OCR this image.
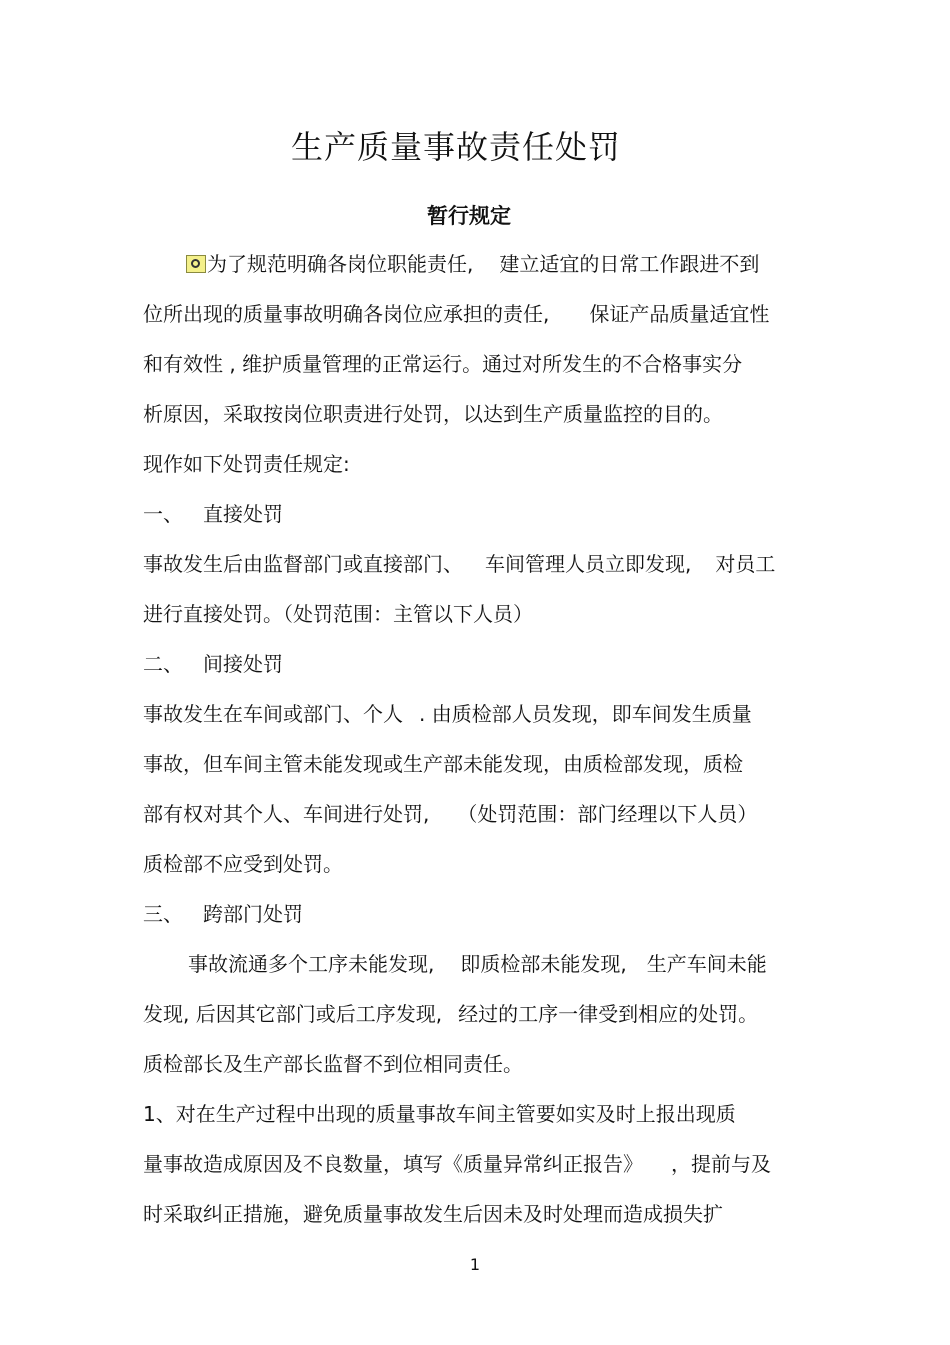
生产质量事故责任处罚
暂行规定

为了规范明确各岗位职能责任, 建立适宜的日常工作跟进不到

位所出现的质量事故明确各岗位应承担的责任, 保证产品质量适宜性

和有效性 , 维护质量管理的正常运行。通过对所发生的不合格事实分

析原因，采取按岗位职责进行处罚，以达到生产质量监控的目的。

现作如下处罚责任规定:

一、 直接处罚

事故发生后由监督部门或直接部门、 车间管理人员立即发现, 对员工

进行直接处罚。（处罚范围：主管以下人员）

二、 间接处罚

事故发生在车间或部门、个人 . 由质检部人员发现，即车间发生质量

事故，但车间主管未能发现或生产部未能发现，由质检部发现，质检

部有权对其个人、车间进行处罚, （处罚范围：部门经理以下人员）

质检部不应受到处罚。

三、 跨部门处罚

事故流通多个工序未能发现, 即质检部未能发现, 生产车间未能

发现, 后因其它部门或后工序发现, 经过的工序一律受到相应的处罚。

质检部长及生产部长监督不到位相同责任。

1、对在生产过程中出现的质量事故车间主管要如实及时上报出现质

量事故造成原因及不良数量，填写《质量异常纠正报告》 ，提前与及

时采取纠正措施，避免质量事故发生后因未及时处理而造成损失扩

1
